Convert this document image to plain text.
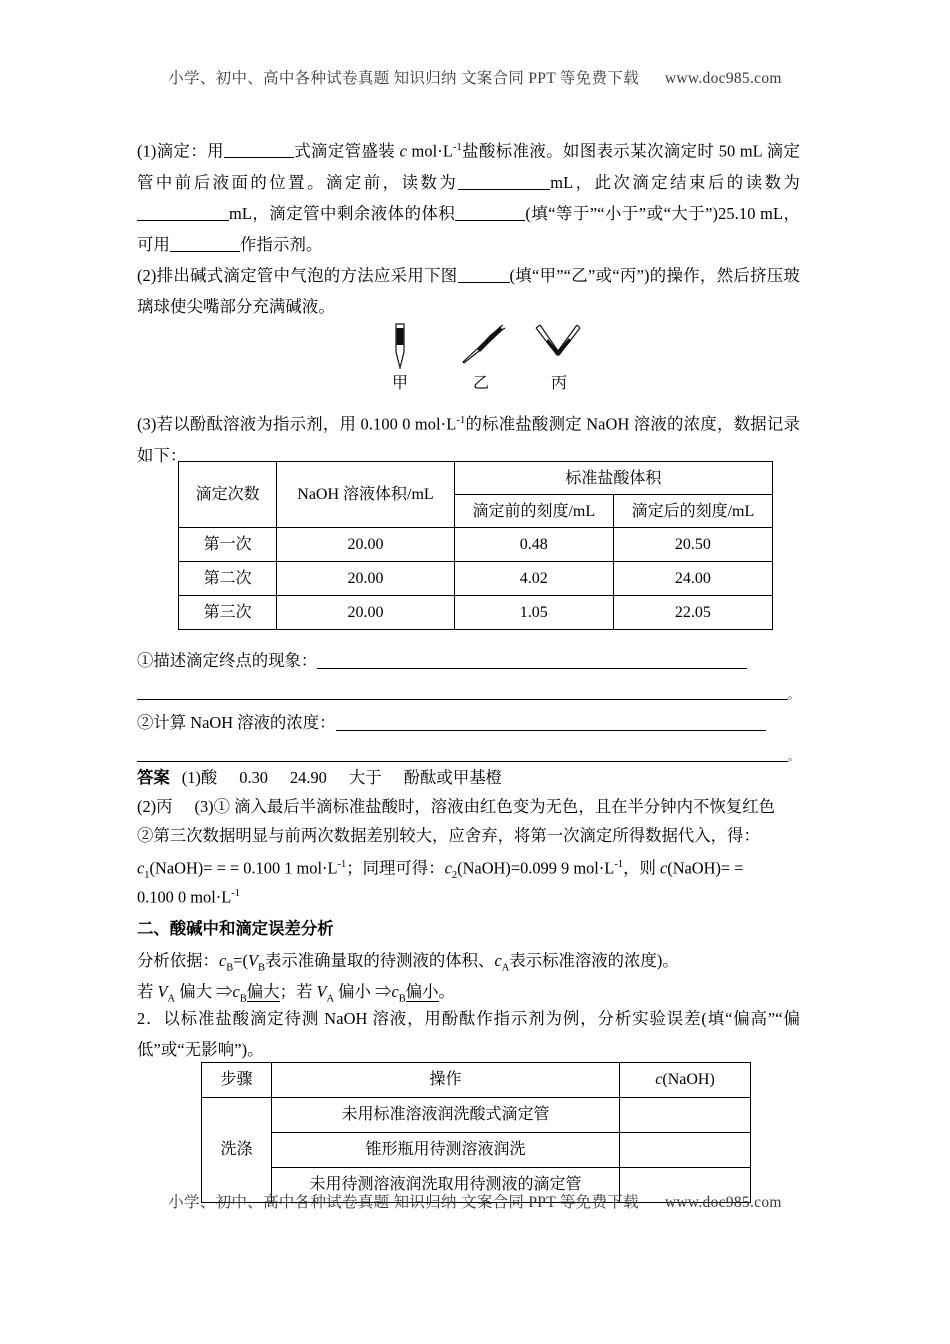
小学、初中、高中各种试卷真题 知识归纳 文案合同 PPT 等免费下载 www.doc985.com

(1)滴定：用	式滴定管盛装 c $mol\cdot L^{-1}$盐酸标准液。如图表示某次滴定时 50 mL 滴定管中前后液面的位置。滴定前，读数为	mL，此次滴定结束后的读数为mL，滴定管中剩余液体的体积	(填“等于”“小于”或“大于”)25.10 mL，可用	作指示剂。

(2)排出碱式滴定管中气泡的方法应采用下图	(填“甲”“乙”或“丙”)的操作，然后挤压玻璃球使尖嘴部分充满碱液。

甲	乙	丙

(3)若以酚酞溶液为指示剂，用 0.100 0 $mol\cdot L^{-1}$的标准盐酸测定 NaOH 溶液的浓度，数据记录如下：

滴定次数	NaOH 溶液体积/mL	标准盐酸体积	
		滴定前的刻度/mL	滴定后的刻度/mL
第一次	20.00	0.48	20.50
第二次	20.00	4.02	24.00
第三次	20.00	1.05	22.05
①描述滴定终点的现象：
。
②计算 NaOH 溶液的浓度：
。
答案 (1)酸 0.30 24.90 大于 酚酞或甲基橙
(2)丙 (3)① 滴入最后半滴标准盐酸时，溶液由红色变为无色，且在半分钟内不恢复红色
②第三次数据明显与前两次数据差别较大，应舍弃，将第一次滴定所得数据代入，得：
$c_1(NaOH)=$ = = 0.100 1 $mol\cdot L^{-1}$；同理可得：$c_2(NaOH)=0.099$ 9 $mol\cdot L^{-1}$，则 c(NaOH)= =
0.100 0 $mol\cdot L^{-1}$
二、酸碱中和滴定误差分析
分析依据：$c_B=(V_B$表示准确量取的待测液的体积、$c_A$表示标准溶液的浓度)。
若 $V_A$ 偏大 $\Rightarrow c_B$偏大；若 $V_A$ 偏小 $\Rightarrow c_B$偏小。

2．以标准盐酸滴定待测 NaOH 溶液，用酚酞作指示剂为例，分析实验误差(填“偏高”“偏低”或“无影响”)。

步骤	操作	c(NaOH)
洗涤	未用标准溶液润洗酸式滴定管	
	锥形瓶用待测溶液润洗	
	未用待测溶液润洗取用待测液的滴定管	
小学、初中、高中各种试卷真题 知识归纳 文案合同 PPT 等免费下载 www.doc985.com
